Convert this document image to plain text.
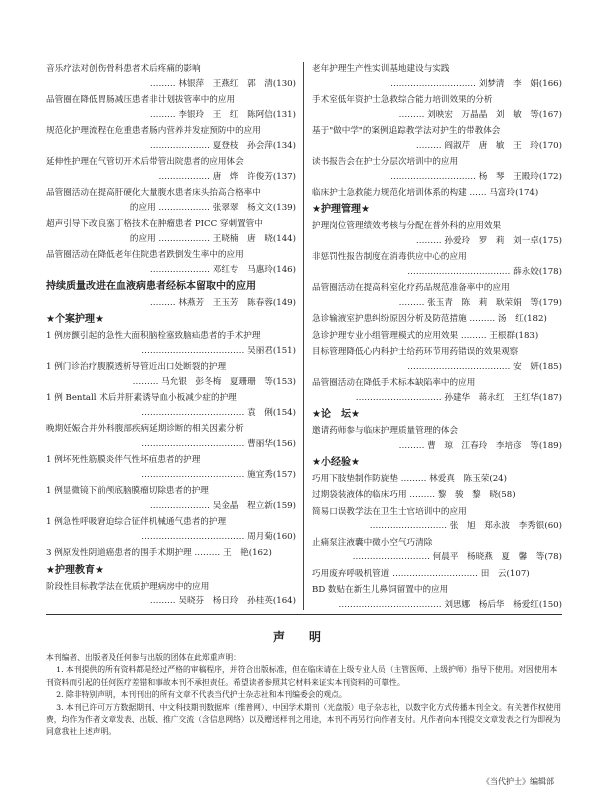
音乐疗法对创伤骨科患者术后疼痛的影响
……… 林银萍　王燕红　郭　清(130)
品管圈在降低胃肠减压患者非计划拔管率中的应用
……… 李银玲　王　红　陈阿信(131)
规范化护理流程在危重患者肠内营养并发症预防中的应用
………………… 夏登枝　孙会萍(134)
延伸性护理在气管切开术后带管出院患者的应用体会
……………… 唐　烨　许俊芳(137)
品管圈活动在提高肝硬化大量腹水患者床头抬高合格率中
的应用 ……………… 张翠翠　杨文文(139)
超声引导下改良塞丁格技术在肿瘤患者 PICC 穿刺置管中
的应用 ……………… 王晓楠　唐　晓(144)
品管圈活动在降低老年住院患者跌倒发生率中的应用
………………… 邓红专　马惠玲(146)
持续质量改进在血液病患者经标本留取中的应用
……… 林燕芳　王玉芳　陈春蓉(149)
★个案护理★
1 例房颤引起的急性大面积脑栓塞致脑疝患者的手术护理
……………………………… 吴丽君(151)
1 例门诊治疗腹膜透析导管近出口处断裂的护理
……… 马允银　彭冬梅　夏珊珊　等(153)
1 例 Bentall 术后并肝素诱导血小板减少症的护理
……………………………… 袁　俐(154)
晚期妊娠合并外科腹部疾病延期诊断的相关因素分析
……………………………… 曹丽华(156)
1 例坏死性筋膜炎伴气性坏疽患者的护理
……………………………… 施宜秀(157)
1 例显微镜下前颅底脑膜瘤切除患者的护理
………………… 吴金晶　程立新(159)
1 例急性呼吸窘迫综合征伴机械通气患者的护理
……………………………… 周月菊(160)
3 例原发性阴道癌患者的围手术期护理 ……… 王　艳(162)
★护理教育★
阶段性目标教学法在优质护理病房中的应用
……… 吴晓芬　杨日玲　孙桂英(164)
老年护理生产性实训基地建设与实践
………………………… 刘梦清　李　娟(166)
手术室低年资护士急救综合能力培训效果的分析
……… 刘映宏　万晶晶　刘　敏　等(167)
基于"做中学"的案例追踪教学法对护生的带教体会
……… 阎淑芹　唐　敏　王　玲(170)
读书报告会在护士分层次培训中的应用
………………………… 杨　琴　王殿玲(172)
临床护士急救能力规范化培训体系的构建 …… 马富玲(174)
★护理管理★
护理岗位管理绩效考核与分配在普外科的应用效果
……… 孙爱玲　罗　莉　刘一卓(175)
非惩罚性报告制度在消毒供应中心的应用
……………………………… 薛永姣(178)
品管圈活动在提高科室化疗药品规范准备率中的应用
……… 张玉青　陈　莉　耿荣娟　等(179)
急诊输液室护患纠纷原因分析及防范措施 ……… 汤　红(182)
急诊护理专业小组管理模式的应用效果 ……… 王根群(183)
目标管理降低心内科护士给药环节用药错误的效果观察
……………………………… 安　妍(185)
品管圈活动在降低手术标本缺陷率中的应用
………………………… 孙建华　蒋永红　王红华(187)
★论　坛★
邀请药师参与临床护理质量管理的体会
……… 曹　琼　江春玲　李培彦　等(189)
★小经验★
巧用下肢垫制作防旋垫 ……… 林爱真　陈玉荣(24)
过期袋装液体的临床巧用 ……… 黎　骏　黎　晓(58)
简易口误教学法在卫生士官培训中的应用
……………………… 张　旭　郑永波　李秀银(60)
止痛泵注液囊中微小空气巧清除
……………………… 何晨平　杨晓燕　夏　馨　等(78)
巧用废弃呼吸机管道 ………………………… 田　云(107)
BD 数贴在新生儿鼻饲留置中的应用
……………………………… 刘思娜　杨后华　杨爱红(150)
声　明

本刊编者、出版者及任何参与出版的团体在此郑重声明：

1. 本刊提供的所有资料都是经过严格的审稿程序，并符合出版标准，但在临床请在上级专业人员（主管医师、上级护师）指导下使用。对因使用本刊资料而引起的任何医疗差错和事故本刊不承担责任。希望读者参照其它材料来证实本刊资料的可靠性。

2. 除非特别声明，本刊刊出的所有文章不代表当代护士杂志社和本刊编委会的观点。

3. 本刊已许可万方数据期刊、中文科技期刊数据库（维普网）、中国学术期刊（光盘版）电子杂志社，以数字化方式传播本刊全文。有关著作权使用费，均作为作者文章发表、出版、推广交流（含信息网络）以及赠送样刊之用途，本刊不再另行向作者支付。凡作者向本刊提交文章发表之行为即视为同意我社上述声明。

《当代护士》编辑部
